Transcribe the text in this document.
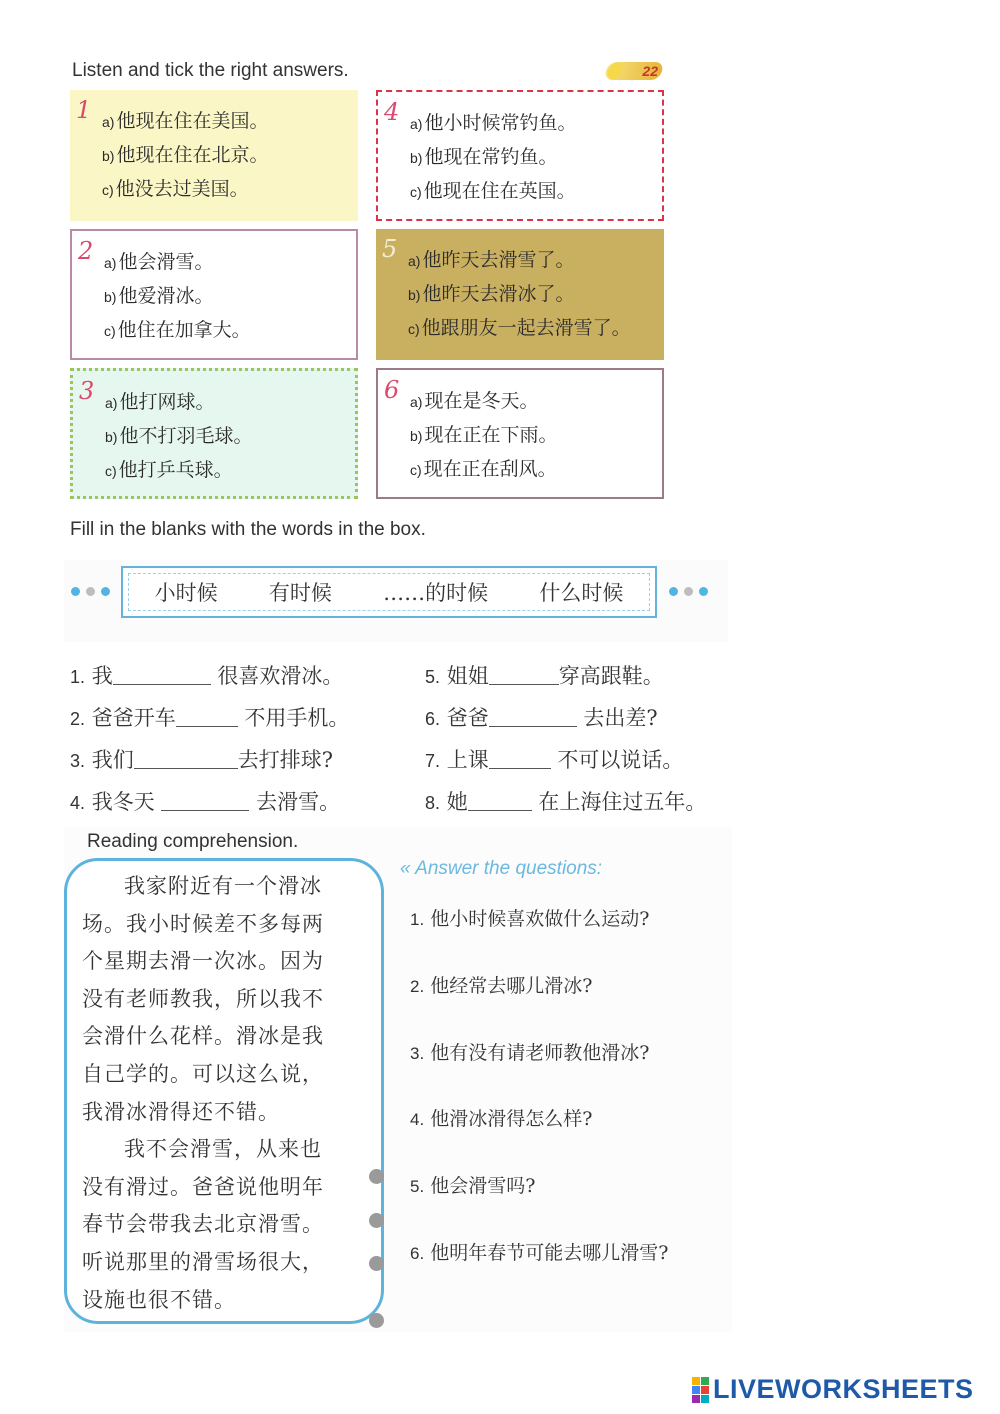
Listen and tick the right answers.	22
1 a) 他现在住在美国。
b) 他现在住在北京。
c) 他没去过美国。
4 a) 他小时候常钓鱼。
b) 他现在常钓鱼。
c) 他现在住在英国。
2 a) 他会滑雪。
b) 他爱滑冰。
c) 他住在加拿大。
5 a) 他昨天去滑雪了。
b) 他昨天去滑冰了。
c) 他跟朋友一起去滑雪了。
3 a) 他打网球。
b) 他不打羽毛球。
c) 他打乒乓球。
6 a) 现在是冬天。
b) 现在正在下雨。
c) 现在正在刮风。
Fill in the blanks with the words in the box.
小时候 有时候 ……的时候 什么时候
1. 我	很喜欢滑冰。
2. 爸爸开车	不用手机。
3. 我们	去打排球?
4. 我冬天	去滑雪。
5. 姐姐	穿高跟鞋。
6. 爸爸	去出差?
7. 上课	不可以说话。
8. 她	在上海住过五年。
Reading comprehension.
我家附近有一个滑冰
场。我小时候差不多每两
个星期去滑一次冰。因为
没有老师教我，所以我不
会滑什么花样。滑冰是我
自己学的。可以这么说，
我滑冰滑得还不错。
我不会滑雪，从来也
没有滑过。爸爸说他明年
春节会带我去北京滑雪。
听说那里的滑雪场很大，
设施也很不错。
« Answer the questions:
1. 他小时候喜欢做什么运动?
2. 他经常去哪儿滑冰?
3. 他有没有请老师教他滑冰?
4. 他滑冰滑得怎么样?
5. 他会滑雪吗?
6. 他明年春节可能去哪儿滑雪?
LIVEWORKSHEETS
